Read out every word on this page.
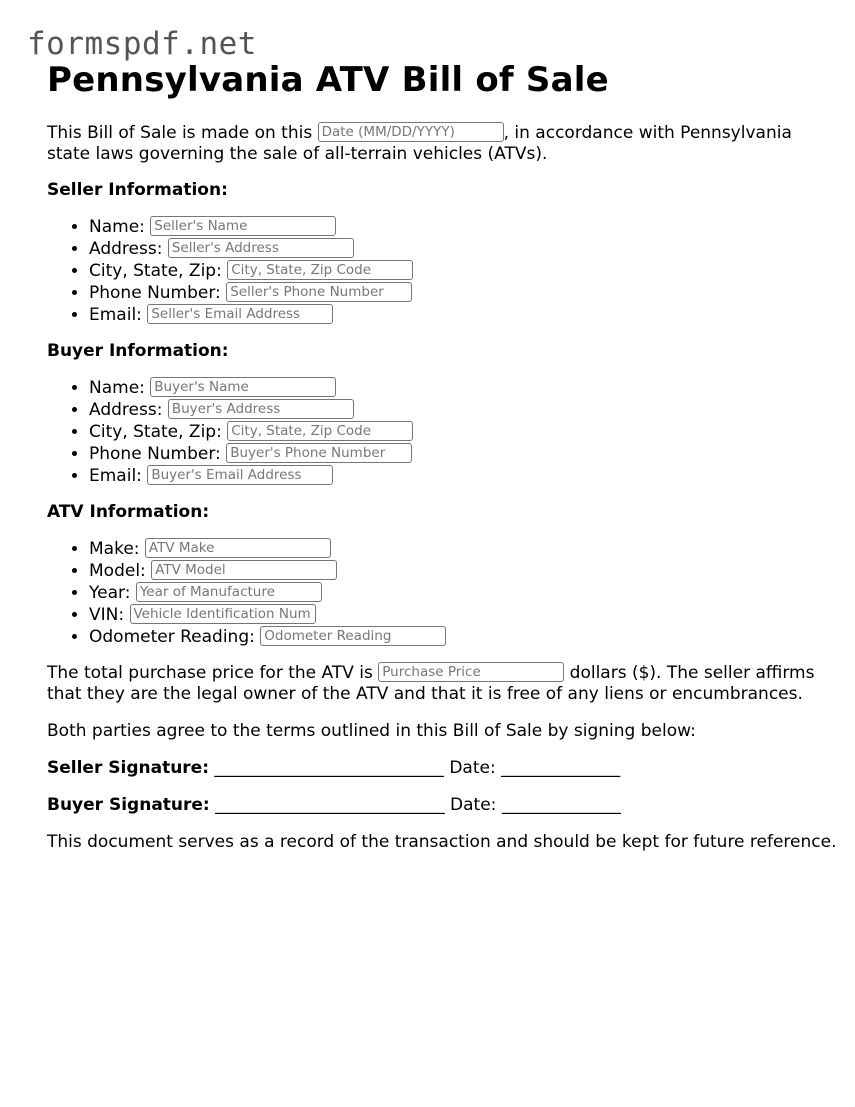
formspdf.net
Pennsylvania ATV Bill of Sale

This Bill of Sale is made on this Date (MM/DD/YYYY)	, in accordance with Pennsylvania state laws governing the sale of all-terrain vehicles (ATVs).

Seller Information:

• Name: Seller's Name
• Address: Seller's Address
• City, State, Zip: City, State, Zip Code
• Phone Number: Seller's Phone Number
• Email: Seller's Email Address

Buyer Information:

• Name: Buyer's Name
• Address: Buyer's Address
• City, State, Zip: City, State, Zip Code
• Phone Number: Buyer's Phone Number
• Email: Buyer's Email Address

ATV Information:

• Make: ATV Make
• Model: ATV Model
• Year: Year of Manufacture
• VIN: Vehicle Identification Num
• Odometer Reading: Odometer Reading

The total purchase price for the ATV is Purchase Price	dollars ($). The seller affirms that they are the legal owner of the ATV and that it is free of any liens or encumbrances.

Both parties agree to the terms outlined in this Bill of Sale by signing below:

Seller Signature: ___________________________ Date: ______________

Buyer Signature: ___________________________ Date: ______________

This document serves as a record of the transaction and should be kept for future reference.
